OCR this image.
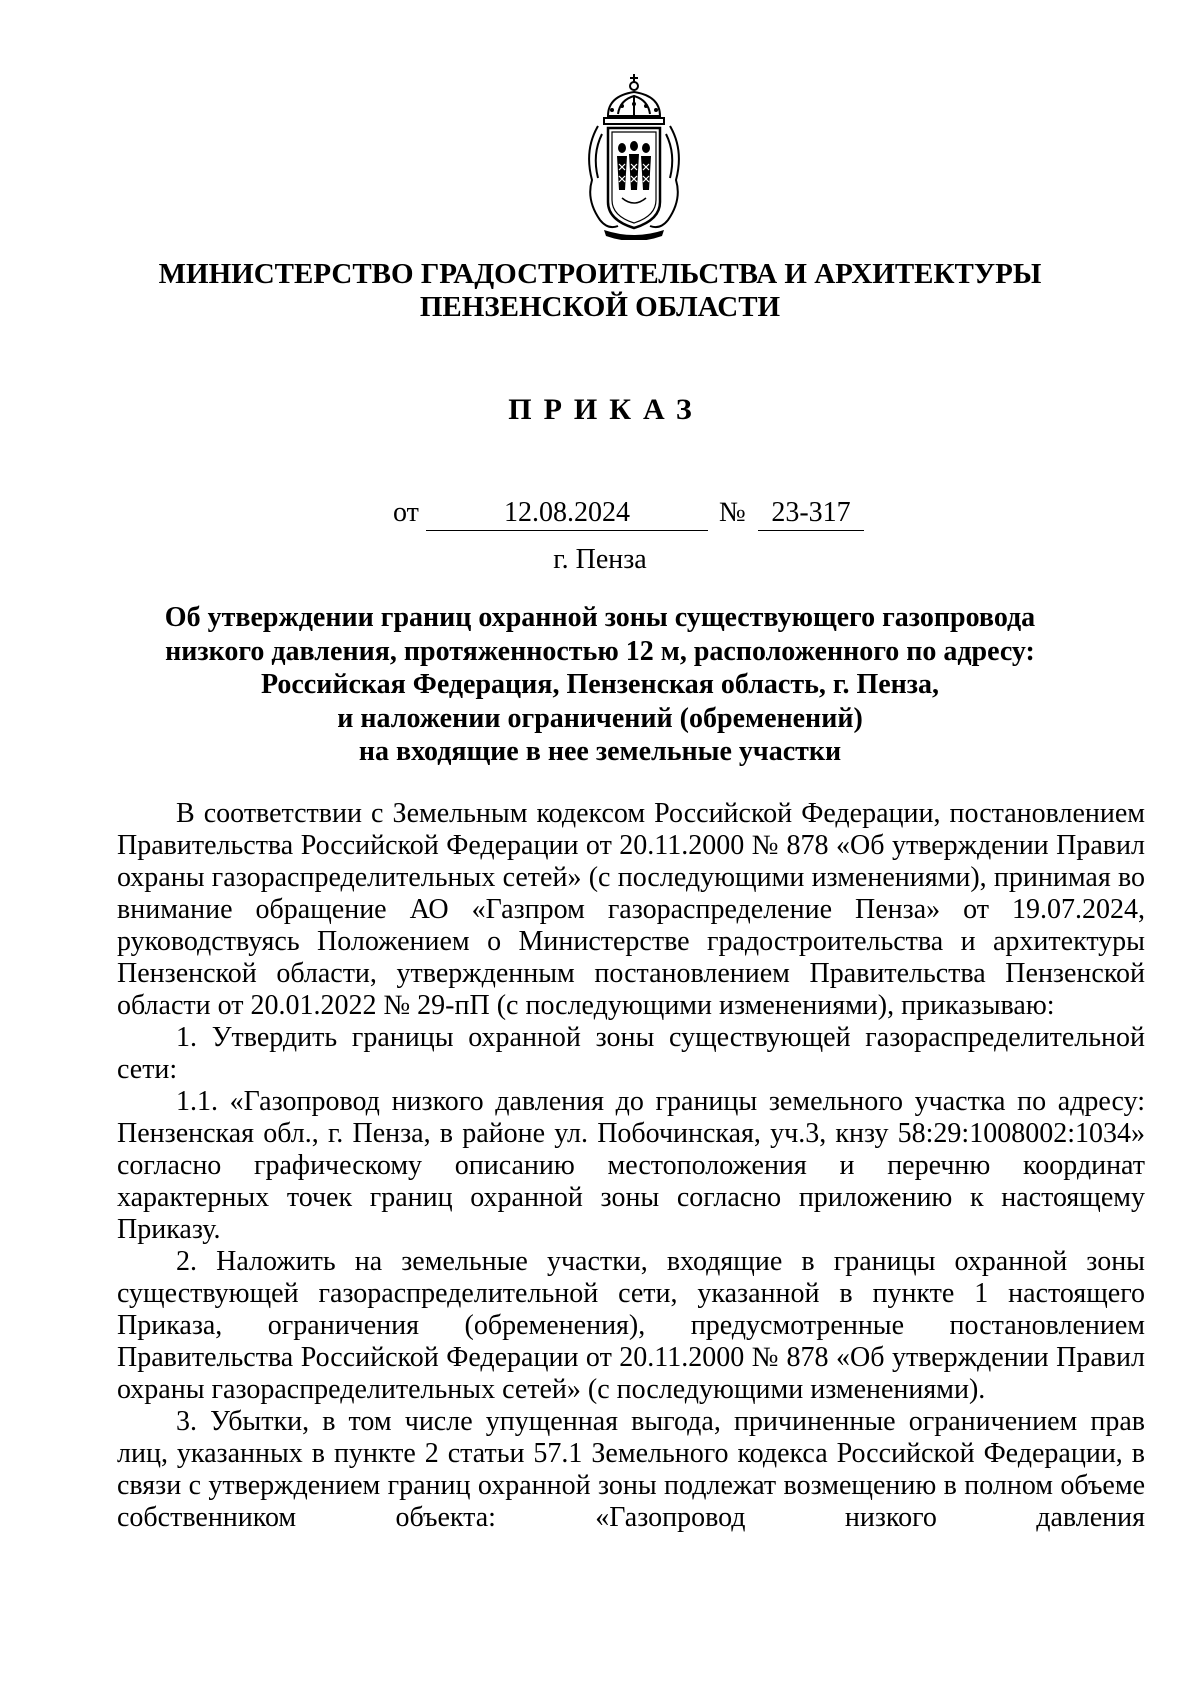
МИНИСТЕРСТВО ГРАДОСТРОИТЕЛЬСТВА И АРХИТЕКТУРЫ
ПЕНЗЕНСКОЙ ОБЛАСТИ
ПРИКАЗ
от	12.08.2024	№ 23-317
г. Пенза
Об утверждении границ охранной зоны существующего газопровода
низкого давления, протяженностью 12 м, расположенного по адресу:
Российская Федерация, Пензенская область, г. Пенза,
и наложении ограничений (обременений)
на входящие в нее земельные участки

В соответствии с Земельным кодексом Российской Федерации, постановлением Правительства Российской Федерации от 20.11.2000 № 878 «Об утверждении Правил охраны газораспределительных сетей» (с последующими изменениями), принимая во внимание обращение АО «Газпром газораспределение Пенза» от 19.07.2024, руководствуясь Положением о Министерстве градостроительства и архитектуры Пензенской области, утвержденным постановлением Правительства Пензенской области от 20.01.2022 № 29-пП (с последующими изменениями), приказываю:

1. Утвердить границы охранной зоны существующей газораспределительной сети:

1.1. «Газопровод низкого давления до границы земельного участка по адресу: Пензенская обл., г. Пенза, в районе ул. Побочинская, уч.3, кнзу 58:29:1008002:1034» согласно графическому описанию местоположения и перечню координат характерных точек границ охранной зоны согласно приложению к настоящему Приказу.

2. Наложить на земельные участки, входящие в границы охранной зоны существующей газораспределительной сети, указанной в пункте 1 настоящего Приказа, ограничения (обременения), предусмотренные постановлением Правительства Российской Федерации от 20.11.2000 № 878 «Об утверждении Правил охраны газораспределительных сетей» (с последующими изменениями).

3. Убытки, в том числе упущенная выгода, причиненные ограничением прав лиц, указанных в пункте 2 статьи 57.1 Земельного кодекса Российской Федерации, в связи с утверждением границ охранной зоны подлежат возмещению в полном объеме собственником объекта: «Газопровод низкого давления
